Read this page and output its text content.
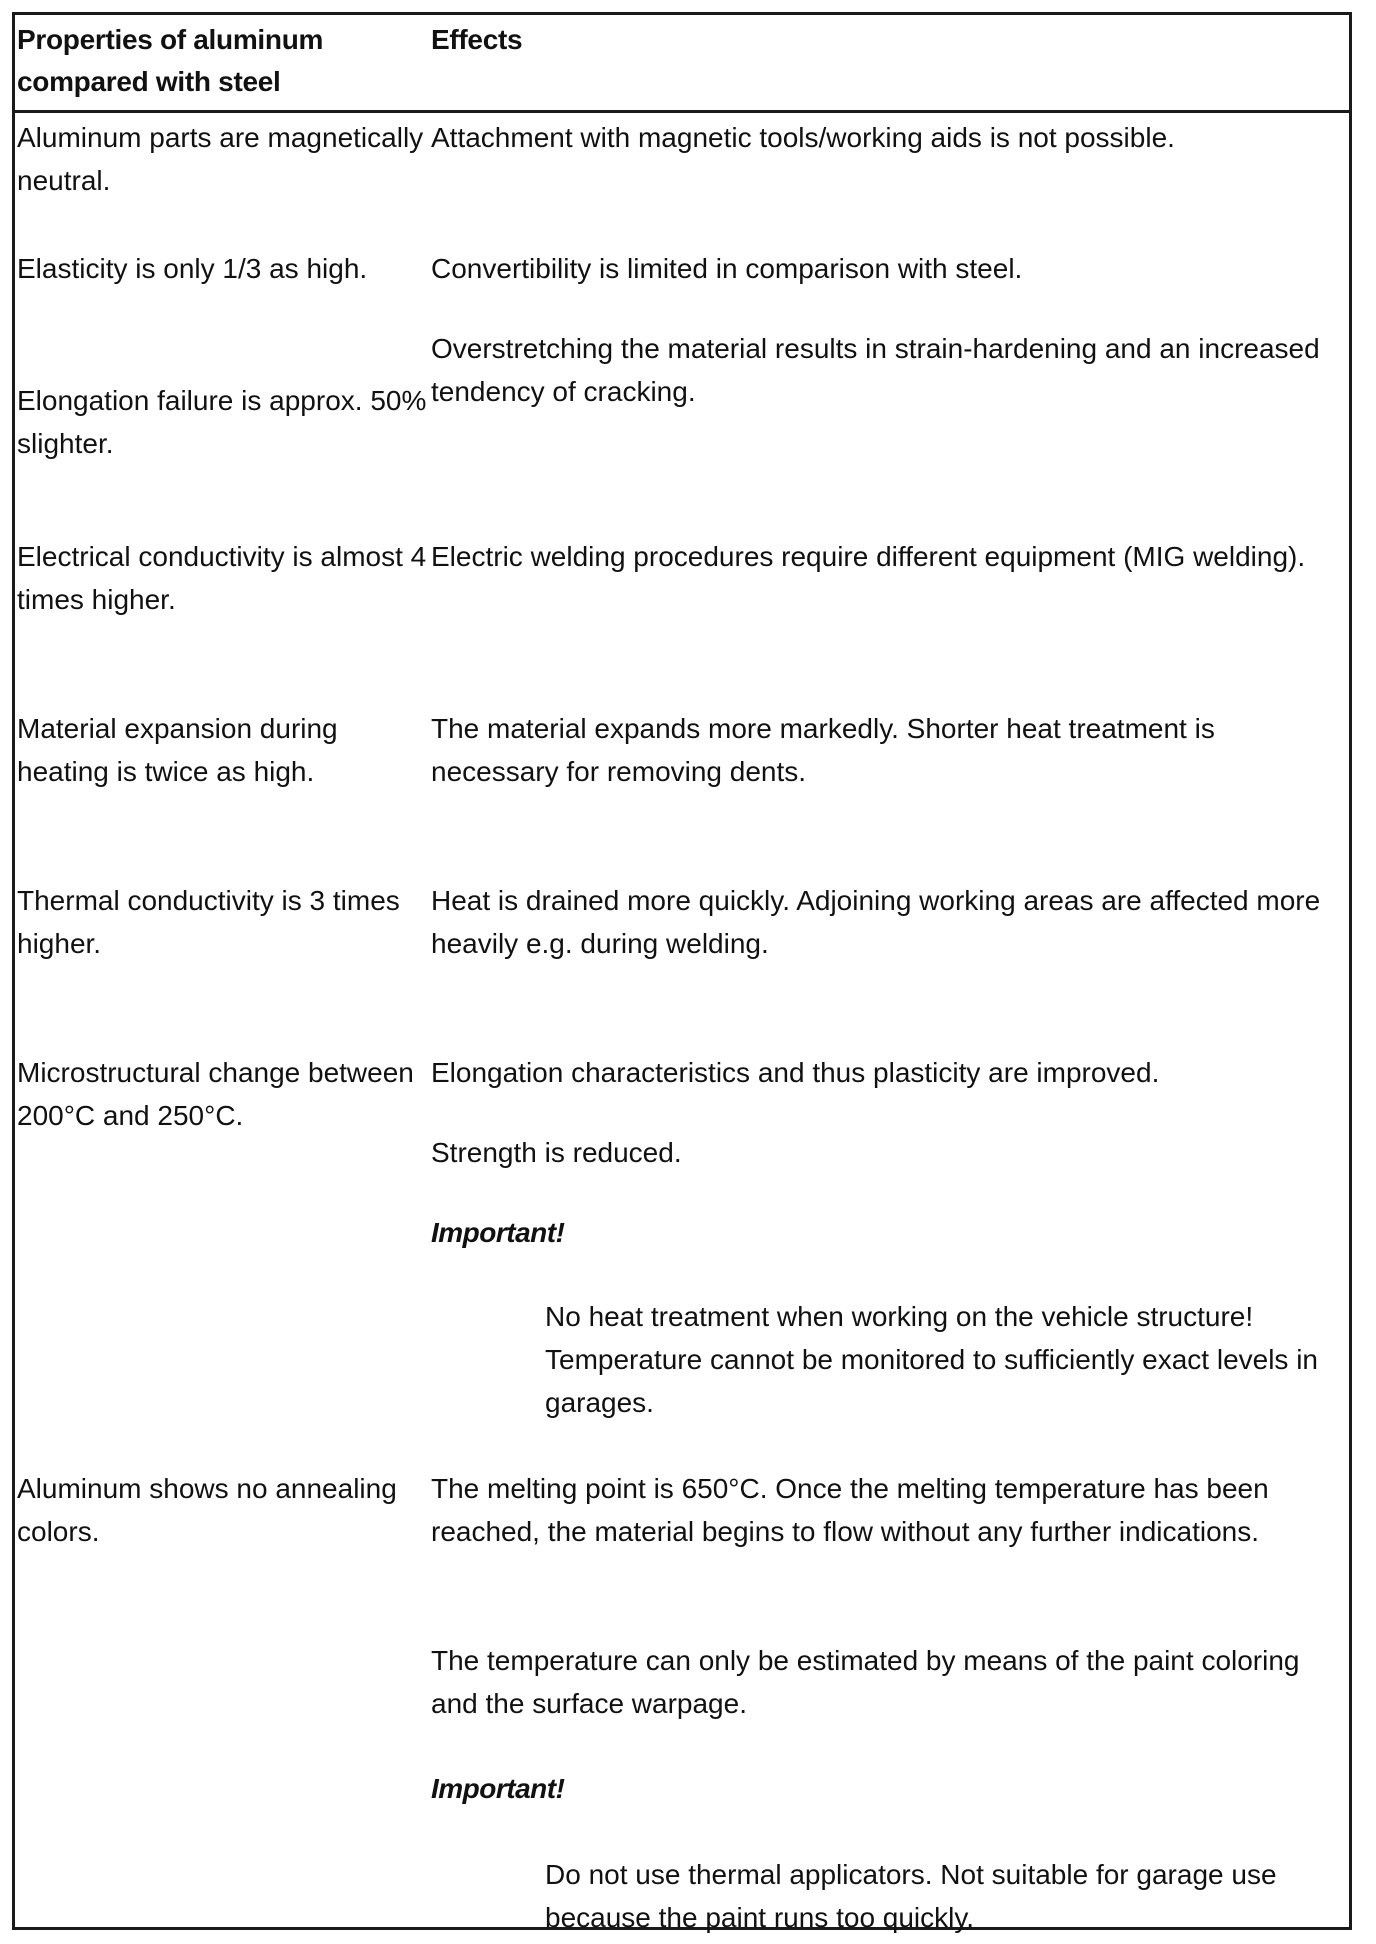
Properties of aluminum compared with steel
Effects
Aluminum parts are magnetically neutral.
Elasticity is only 1/3 as high.
Elongation failure is approx. 50% slighter.
Electrical conductivity is almost 4 times higher.
Material expansion during heating is twice as high.
Thermal conductivity is 3 times higher.
Microstructural change between 200°C and 250°C.
Aluminum shows no annealing colors.
Attachment with magnetic tools/working aids is not possible.
Convertibility is limited in comparison with steel.
Overstretching the material results in strain-hardening and an increased tendency of cracking.
Electric welding procedures require different equipment (MIG welding).
The material expands more markedly. Shorter heat treatment is necessary for removing dents.
Heat is drained more quickly. Adjoining working areas are affected more heavily e.g. during welding.
Elongation characteristics and thus plasticity are improved.
Strength is reduced.
Important!
No heat treatment when working on the vehicle structure! Temperature cannot be monitored to sufficiently exact levels in garages.
The melting point is 650°C. Once the melting temperature has been reached, the material begins to flow without any further indications.
The temperature can only be estimated by means of the paint coloring and the surface warpage.
Important!
Do not use thermal applicators. Not suitable for garage use because the paint runs too quickly.
